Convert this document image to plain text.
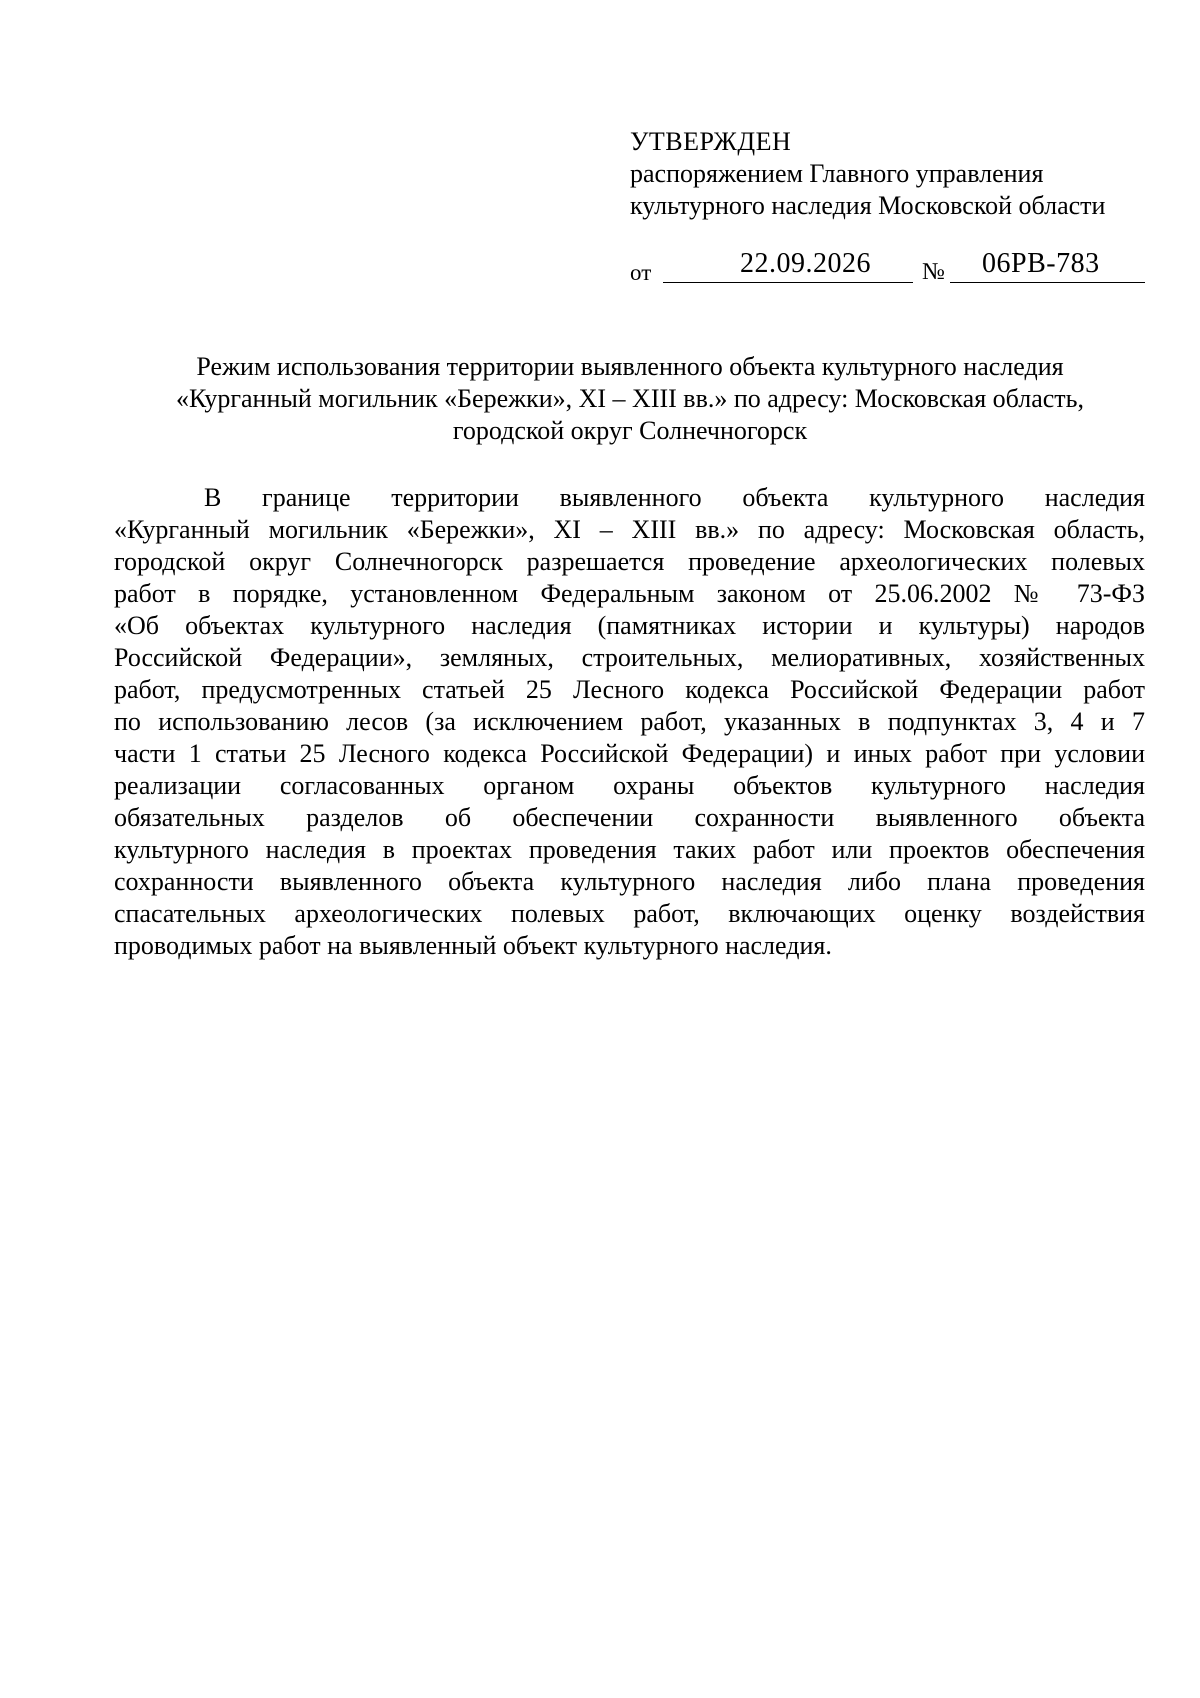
УТВЕРЖДЕН
распоряжением Главного управления
культурного наследия Московской области
от	22.09.2026 № 06РВ-783
Режим использования территории выявленного объекта культурного наследия
«Курганный могильник «Бережки», XI – XIII вв.» по адресу: Московская область,
городской округ Солнечногорск
В границе территории выявленного объекта культурного наследия
«Курганный могильник «Бережки», XI – XIII вв.» по адресу: Московская область,
городской округ Солнечногорск разрешается проведение археологических полевых
работ в порядке, установленном Федеральным законом от 25.06.2002 № 73-ФЗ
«Об объектах культурного наследия (памятниках истории и культуры) народов
Российской Федерации», земляных, строительных, мелиоративных, хозяйственных
работ, предусмотренных статьей 25 Лесного кодекса Российской Федерации работ
по использованию лесов (за исключением работ, указанных в подпунктах 3, 4 и 7
части 1 статьи 25 Лесного кодекса Российской Федерации) и иных работ при условии
реализации согласованных органом охраны объектов культурного наследия
обязательных разделов об обеспечении сохранности выявленного объекта
культурного наследия в проектах проведения таких работ или проектов обеспечения
сохранности выявленного объекта культурного наследия либо плана проведения
спасательных археологических полевых работ, включающих оценку воздействия
проводимых работ на выявленный объект культурного наследия.
